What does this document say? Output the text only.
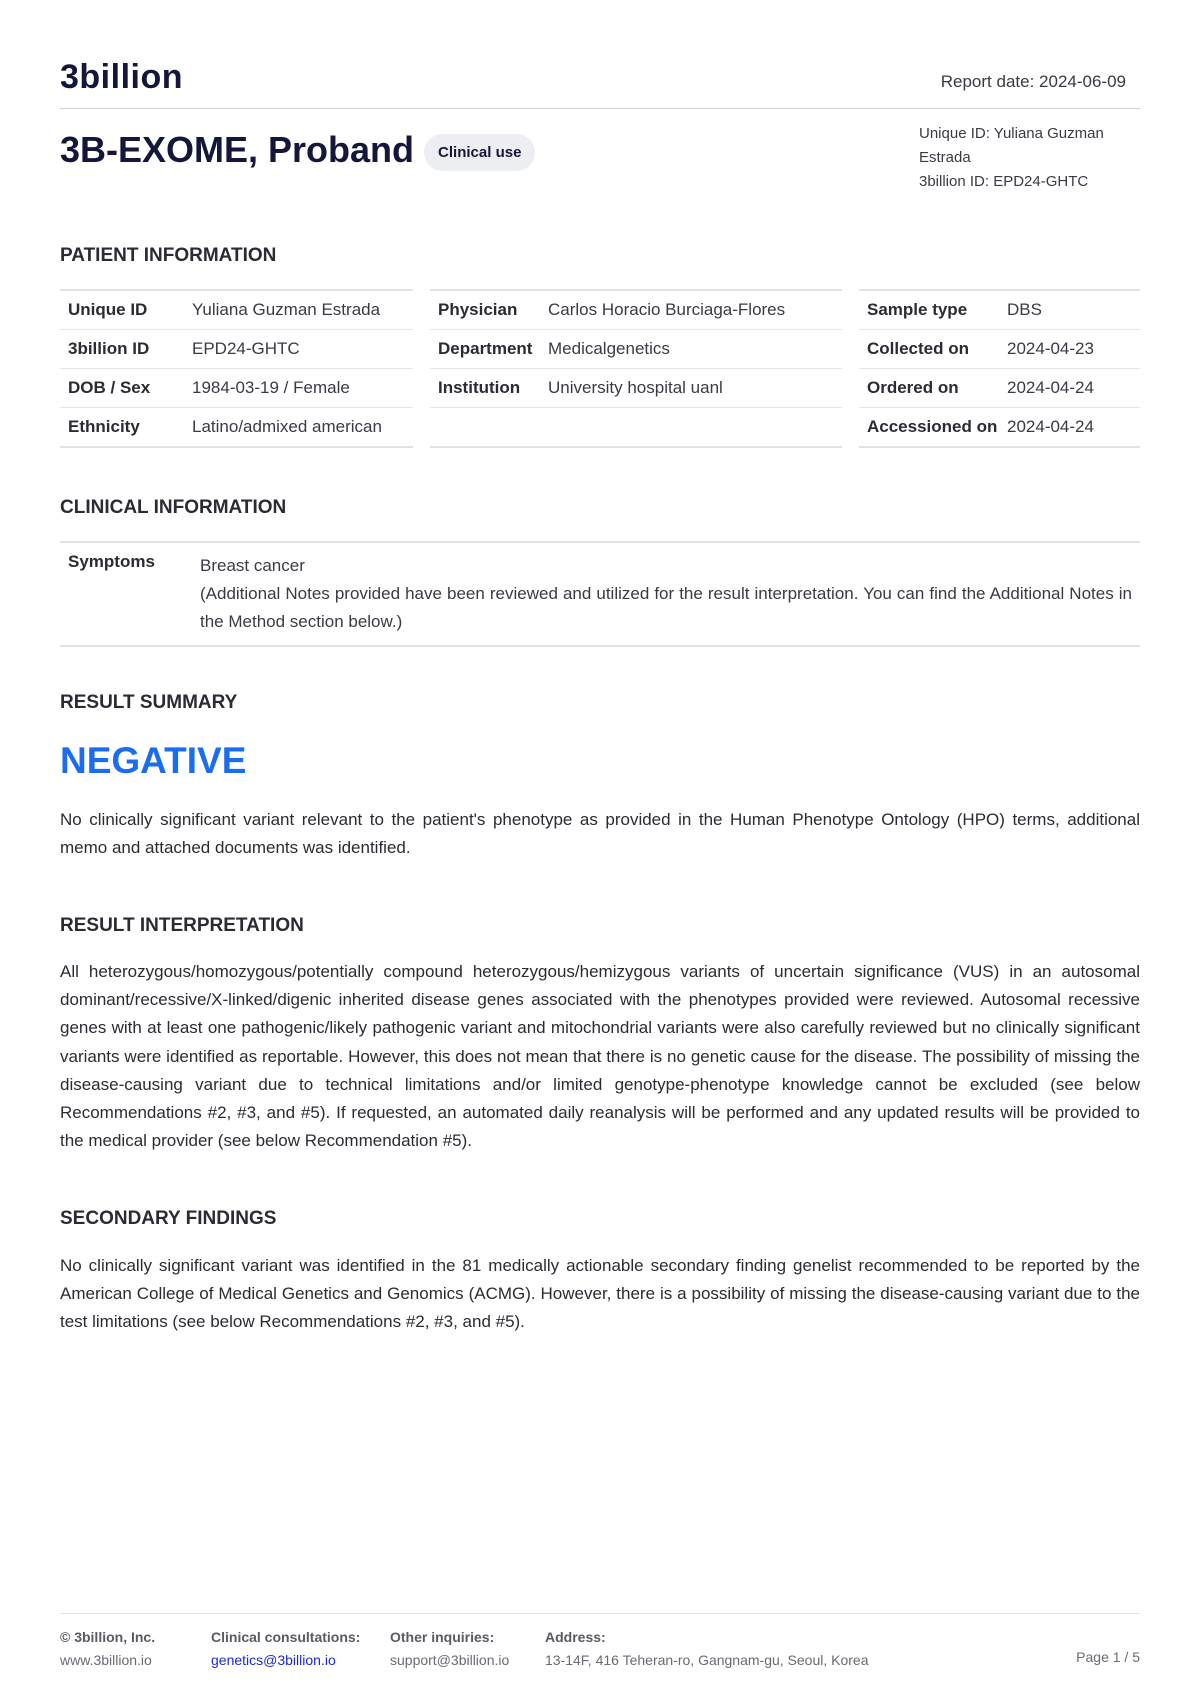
3billion	Report date: 2024-06-09
3B-EXOME, Proband	Clinical use
Unique ID: Yuliana Guzman
Estrada
3billion ID: EPD24-GHTC
PATIENT INFORMATION
Unique ID	Yuliana Guzman Estrada
3billion ID	EPD24-GHTC
DOB / Sex	1984-03-19 / Female
Ethnicity	Latino/admixed american
Physician	Carlos Horacio Burciaga-Flores
Department Medicalgenetics
Institution	University hospital uanl
Sample type	DBS
Collected on	2024-04-23
Ordered on	2024-04-24
Accessioned on 2024-04-24
CLINICAL INFORMATION
Symptoms	Breast cancer

(Additional Notes provided have been reviewed and utilized for the result interpretation. You can find the Additional Notes in the Method section below.)

RESULT SUMMARY
NEGATIVE

No clinically significant variant relevant to the patient's phenotype as provided in the Human Phenotype Ontology (HPO) terms, additional memo and attached documents was identified.

RESULT INTERPRETATION

All heterozygous/homozygous/potentially compound heterozygous/hemizygous variants of uncertain significance (VUS) in an autosomal dominant/recessive/X-linked/digenic inherited disease genes associated with the phenotypes provided were reviewed. Autosomal recessive genes with at least one pathogenic/likely pathogenic variant and mitochondrial variants were also carefully reviewed but no clinically significant variants were identified as reportable. However, this does not mean that there is no genetic cause for the disease. The possibility of missing the disease-causing variant due to technical limitations and/or limited genotype-phenotype knowledge cannot be excluded (see below Recommendations #2, #3, and #5). If requested, an automated daily reanalysis will be performed and any updated results will be provided to the medical provider (see below Recommendation #5).

SECONDARY FINDINGS

No clinically significant variant was identified in the 81 medically actionable secondary finding genelist recommended to be reported by the American College of Medical Genetics and Genomics (ACMG). However, there is a possibility of missing the disease-causing variant due to the test limitations (see below Recommendations #2, #3, and #5).

© 3billion, Inc.
www.3billion.io
Clinical consultations:
genetics@3billion.io
Other inquiries:
support@3billion.io
Address:
13-14F, 416 Teheran-ro, Gangnam-gu, Seoul, Korea	Page 1 / 5
